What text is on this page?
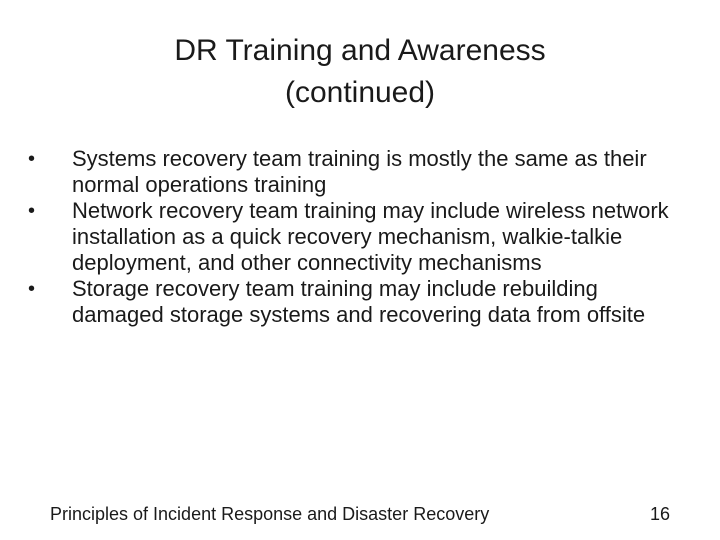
DR Training and Awareness
(continued)
•	Systems recovery team training is mostly the same as their normal operations training
•	Network recovery team training may include wireless network installation as a quick recovery mechanism, walkie-talkie deployment, and other connectivity mechanisms
•	Storage recovery team training may include rebuilding damaged storage systems and recovering data from offsite
Principles of Incident Response and Disaster Recovery	16
